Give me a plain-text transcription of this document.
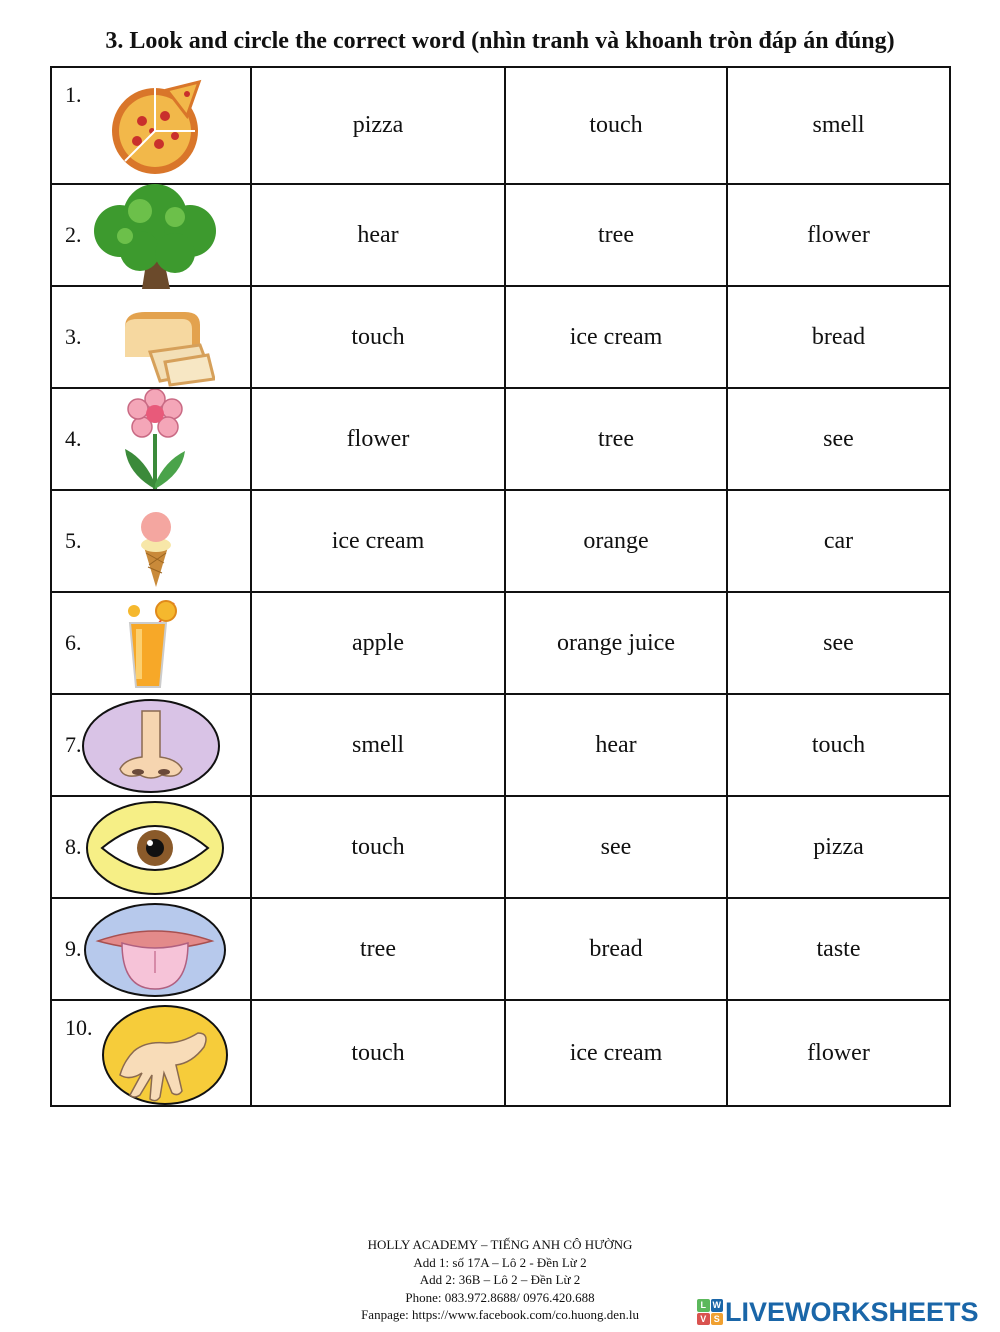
3. Look and circle the correct word (nhìn tranh và khoanh tròn đáp án đúng)
1.	pizza	touch	smell

2.	hear	tree	flower

3.	touch	ice cream	bread

4.	flower	tree	see

5.	ice cream	orange	car

6.	apple	orange juice	see

7.	smell	hear	touch

8.	touch	see	pizza

9.	tree	bread	taste

10.	touch	ice cream	flower
HOLLY ACADEMY – TIẾNG ANH CÔ HƯỜNG
Add 1: số 17A – Lô 2 - Đền Lừ 2
Add 2: 36B – Lô 2 – Đền Lừ 2
Phone: 083.972.8688/ 0976.420.688
Fanpage: https://www.facebook.com/co.huong.den.lu
L W
V S LIVEWORKSHEETS
